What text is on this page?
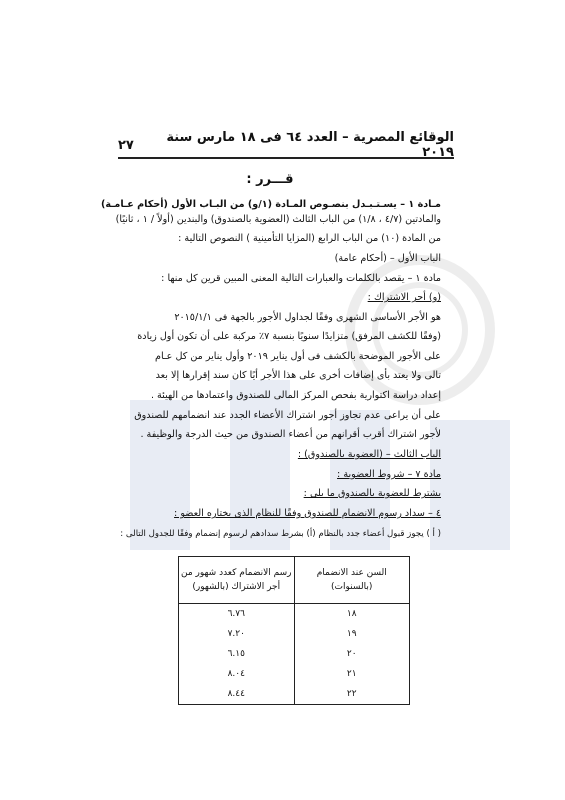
الوقائع المصرية – العدد ٦٤ فى ١٨ مارس سنة ٢٠١٩
٢٧
قـــرر :
مـادة ١ – يسـتـبـدل بنصـوص المـادة (١/و) من البـاب الأول (أحكام عـامـة)
والمادتين (٤/٧ ، ١/٨) من الباب الثالث (العضوية بالصندوق) والبندين (أولاً / ١ ، ثانيًا)
من المادة (١٠) من الباب الرابع (المزايا التأمينية ) النصوص التالية :
الباب الأول – (أحكام عامة)
مادة ١ – يقصد بالكلمات والعبارات التالية المعنى المبين قرين كل منها :
(و) أجر الاشتراك :
هو الأجر الأساسى الشهرى وفقًا لجداول الأجور بالجهة فى ٢٠١٥/١/١
(وفقًا للكشف المرفق) متزايدًا سنويًا بنسبة ٧٪ مركبة على أن تكون أول زيادة
على الأجور الموضحة بالكشف فى أول يناير ٢٠١٩ وأول يناير من كل عـام
تالى ولا يعتد بأى إضافات أخرى على هذا الأجر أيًا كان سند إقرارها إلا بعد
إعداد دراسة اكتوارية بفحص المركز المالى للصندوق واعتمادها من الهيئة .
على أن يراعى عدم تجاوز أجور اشتراك الأعضاء الجدد عند انضمامهم للصندوق
لأجور اشتراك أقرب أقرانهم من أعضاء الصندوق من حيث الدرجة والوظيفة .
الباب الثالث – (العضوية بالصندوق) :
مادة ٧ – شروط العضوية :
يشترط للعضوية بالصندوق ما يلى :
٤ – سداد رسوم الانضمام للصندوق وفقًا للنظام الذى يختاره العضو :
( أ ) يجوز قبول أعضاء جدد بالنظام (أ) بشرط سدادهم لرسوم إنضمام وفقًا للجدول التالى :
السن عند الانضمام (بالسنوات)	رسم الانضمام كعدد شهور من أجر الاشتراك (بالشهور)
١٨	٦.٧٦
١٩	٧.٢٠
٢٠	٦.١٥
٢١	٨.٠٤
٢٢	٨.٤٤
